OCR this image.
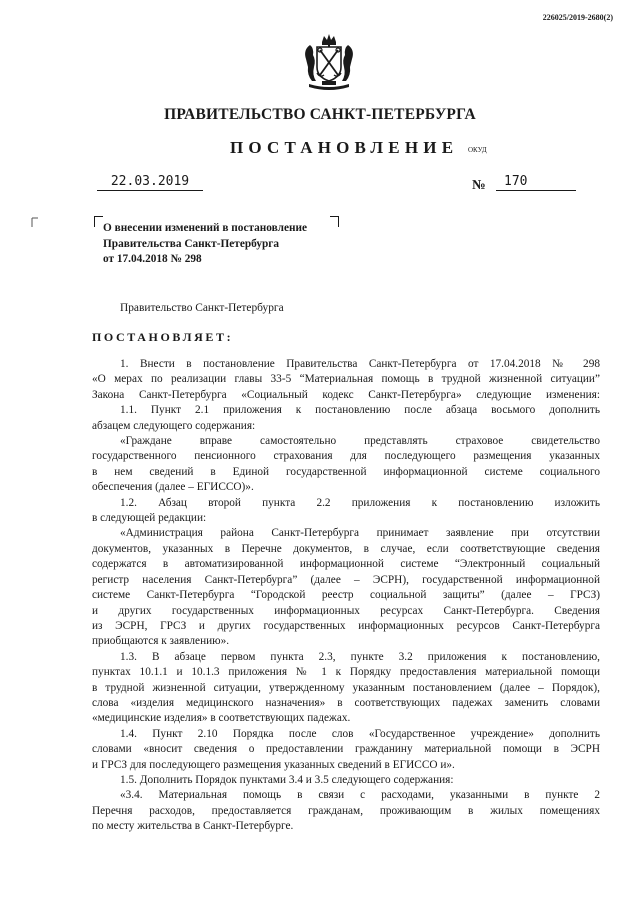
226025/2019-2680(2)
ПРАВИТЕЛЬСТВО САНКТ-ПЕТЕРБУРГА
ПОСТАНОВЛЕНИЕ ОКУД
22.03.2019	№	170
О внесении изменений в постановление
Правительства Санкт-Петербурга
от 17.04.2018 № 298
Правительство Санкт-Петербурга
ПОСТАНОВЛЯЕТ:

1. Внести в постановление Правительства Санкт-Петербурга от 17.04.2018 № 298

«О мерах по реализации главы 33-5 “Материальная помощь в трудной жизненной ситуации”

Закона Санкт-Петербурга «Социальный кодекс Санкт-Петербурга» следующие изменения:

1.1. Пункт 2.1 приложения к постановлению после абзаца восьмого дополнить

абзацем следующего содержания:

«Граждане вправе самостоятельно представлять страховое свидетельство

государственного пенсионного страхования для последующего размещения указанных

в нем сведений в Единой государственной информационной системе социального

обеспечения (далее – ЕГИССО)».

1.2. Абзац второй пункта 2.2 приложения к постановлению изложить

в следующей редакции:

«Администрация района Санкт-Петербурга принимает заявление при отсутствии

документов, указанных в Перечне документов, в случае, если соответствующие сведения

содержатся в автоматизированной информационной системе “Электронный социальный

регистр населения Санкт-Петербурга” (далее – ЭСРН), государственной информационной

системе Санкт-Петербурга “Городской реестр социальной защиты” (далее – ГРСЗ)

и других государственных информационных ресурсах Санкт-Петербурга. Сведения

из ЭСРН, ГРСЗ и других государственных информационных ресурсов Санкт-Петербурга

приобщаются к заявлению».

1.3. В абзаце первом пункта 2.3, пункте 3.2 приложения к постановлению,

пунктах 10.1.1 и 10.1.3 приложения № 1 к Порядку предоставления материальной помощи

в трудной жизненной ситуации, утвержденному указанным постановлением (далее – Порядок),

слова «изделия медицинского назначения» в соответствующих падежах заменить словами

«медицинские изделия» в соответствующих падежах.

1.4. Пункт 2.10 Порядка после слов «Государственное учреждение» дополнить

словами «вносит сведения о предоставлении гражданину материальной помощи в ЭСРН

и ГРСЗ для последующего размещения указанных сведений в ЕГИССО и».

1.5. Дополнить Порядок пунктами 3.4 и 3.5 следующего содержания:

«3.4. Материальная помощь в связи с расходами, указанными в пункте 2

Перечня расходов, предоставляется гражданам, проживающим в жилых помещениях

по месту жительства в Санкт-Петербурге.
